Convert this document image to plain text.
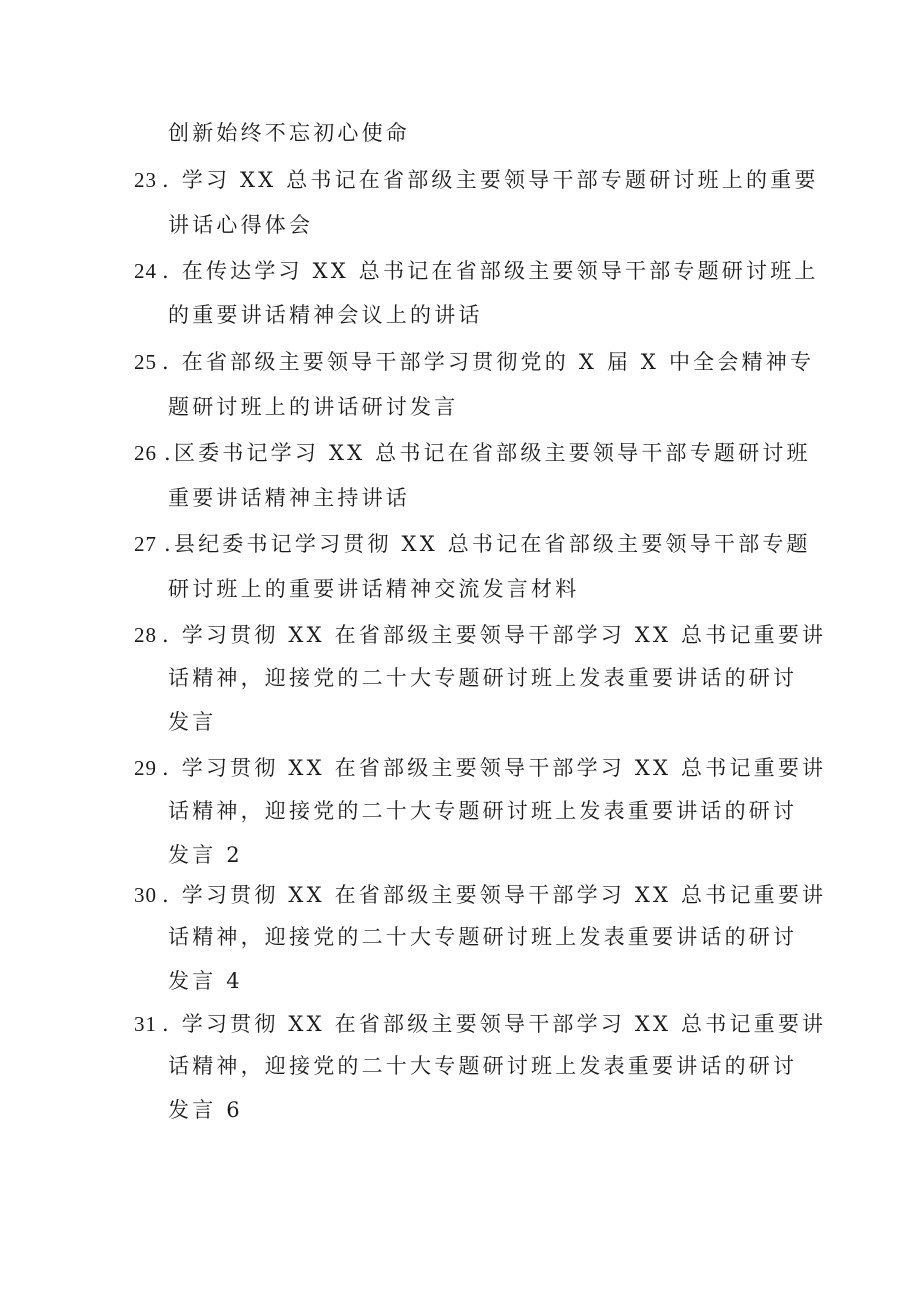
创新始终不忘初心使命
23 . 学习 XX 总书记在省部级主要领导干部专题研讨班上的重要
讲话心得体会
24 . 在传达学习 XX 总书记在省部级主要领导干部专题研讨班上
的重要讲话精神会议上的讲话
25 . 在省部级主要领导干部学习贯彻党的 X 届 X 中全会精神专
题研讨班上的讲话研讨发言
26 .区委书记学习 XX 总书记在省部级主要领导干部专题研讨班
重要讲话精神主持讲话
27 .县纪委书记学习贯彻 XX 总书记在省部级主要领导干部专题
研讨班上的重要讲话精神交流发言材料
28 . 学习贯彻 XX 在省部级主要领导干部学习 XX 总书记重要讲
话精神，迎接党的二十大专题研讨班上发表重要讲话的研讨
发言
29 . 学习贯彻 XX 在省部级主要领导干部学习 XX 总书记重要讲
话精神，迎接党的二十大专题研讨班上发表重要讲话的研讨
发言 2
30 . 学习贯彻 XX 在省部级主要领导干部学习 XX 总书记重要讲
话精神，迎接党的二十大专题研讨班上发表重要讲话的研讨
发言 4
31 . 学习贯彻 XX 在省部级主要领导干部学习 XX 总书记重要讲
话精神，迎接党的二十大专题研讨班上发表重要讲话的研讨
发言 6
